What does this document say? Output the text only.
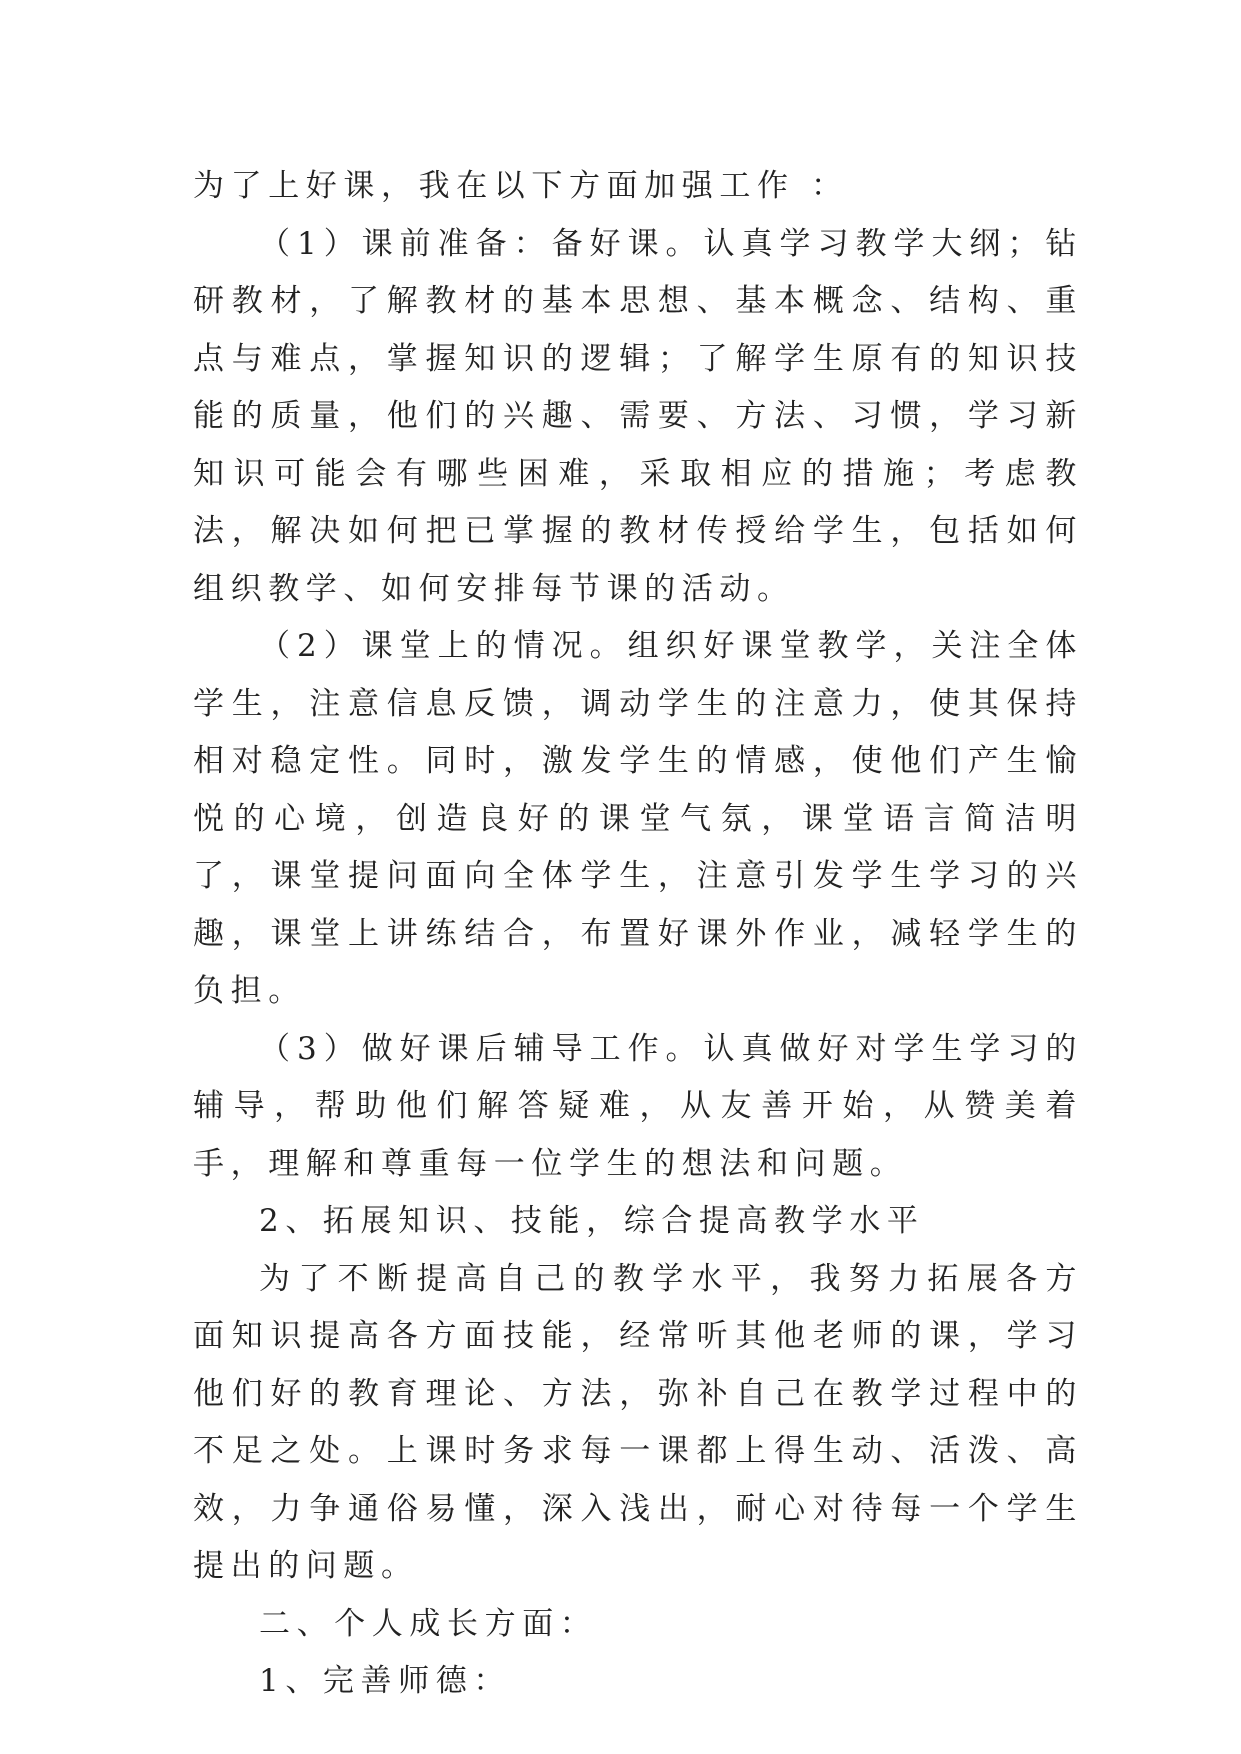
为了上好课，我在以下方面加强工作 ：

（1）课前准备：备好课。认真学习教学大纲；钻研教材，了解教材的基本思想、基本概念、结构、重点与难点，掌握知识的逻辑；了解学生原有的知识技能的质量，他们的兴趣、需要、方法、习惯，学习新知识可能会有哪些困难，采取相应的措施；考虑教法，解决如何把已掌握的教材传授给学生，包括如何组织教学、如何安排每节课的活动。

（2）课堂上的情况。组织好课堂教学，关注全体学生，注意信息反馈，调动学生的注意力，使其保持相对稳定性。同时，激发学生的情感，使他们产生愉悦的心境，创造良好的课堂气氛，课堂语言简洁明了，课堂提问面向全体学生，注意引发学生学习的兴趣，课堂上讲练结合，布置好课外作业，减轻学生的负担。

（3）做好课后辅导工作。认真做好对学生学习的辅导，帮助他们解答疑难，从友善开始，从赞美着手，理解和尊重每一位学生的想法和问题。

2、拓展知识、技能，综合提高教学水平

为了不断提高自己的教学水平，我努力拓展各方面知识提高各方面技能，经常听其他老师的课，学习他们好的教育理论、方法，弥补自己在教学过程中的不足之处。上课时务求每一课都上得生动、活泼、高效，力争通俗易懂，深入浅出，耐心对待每一个学生提出的问题。

二、个人成长方面：

1、完善师德：
